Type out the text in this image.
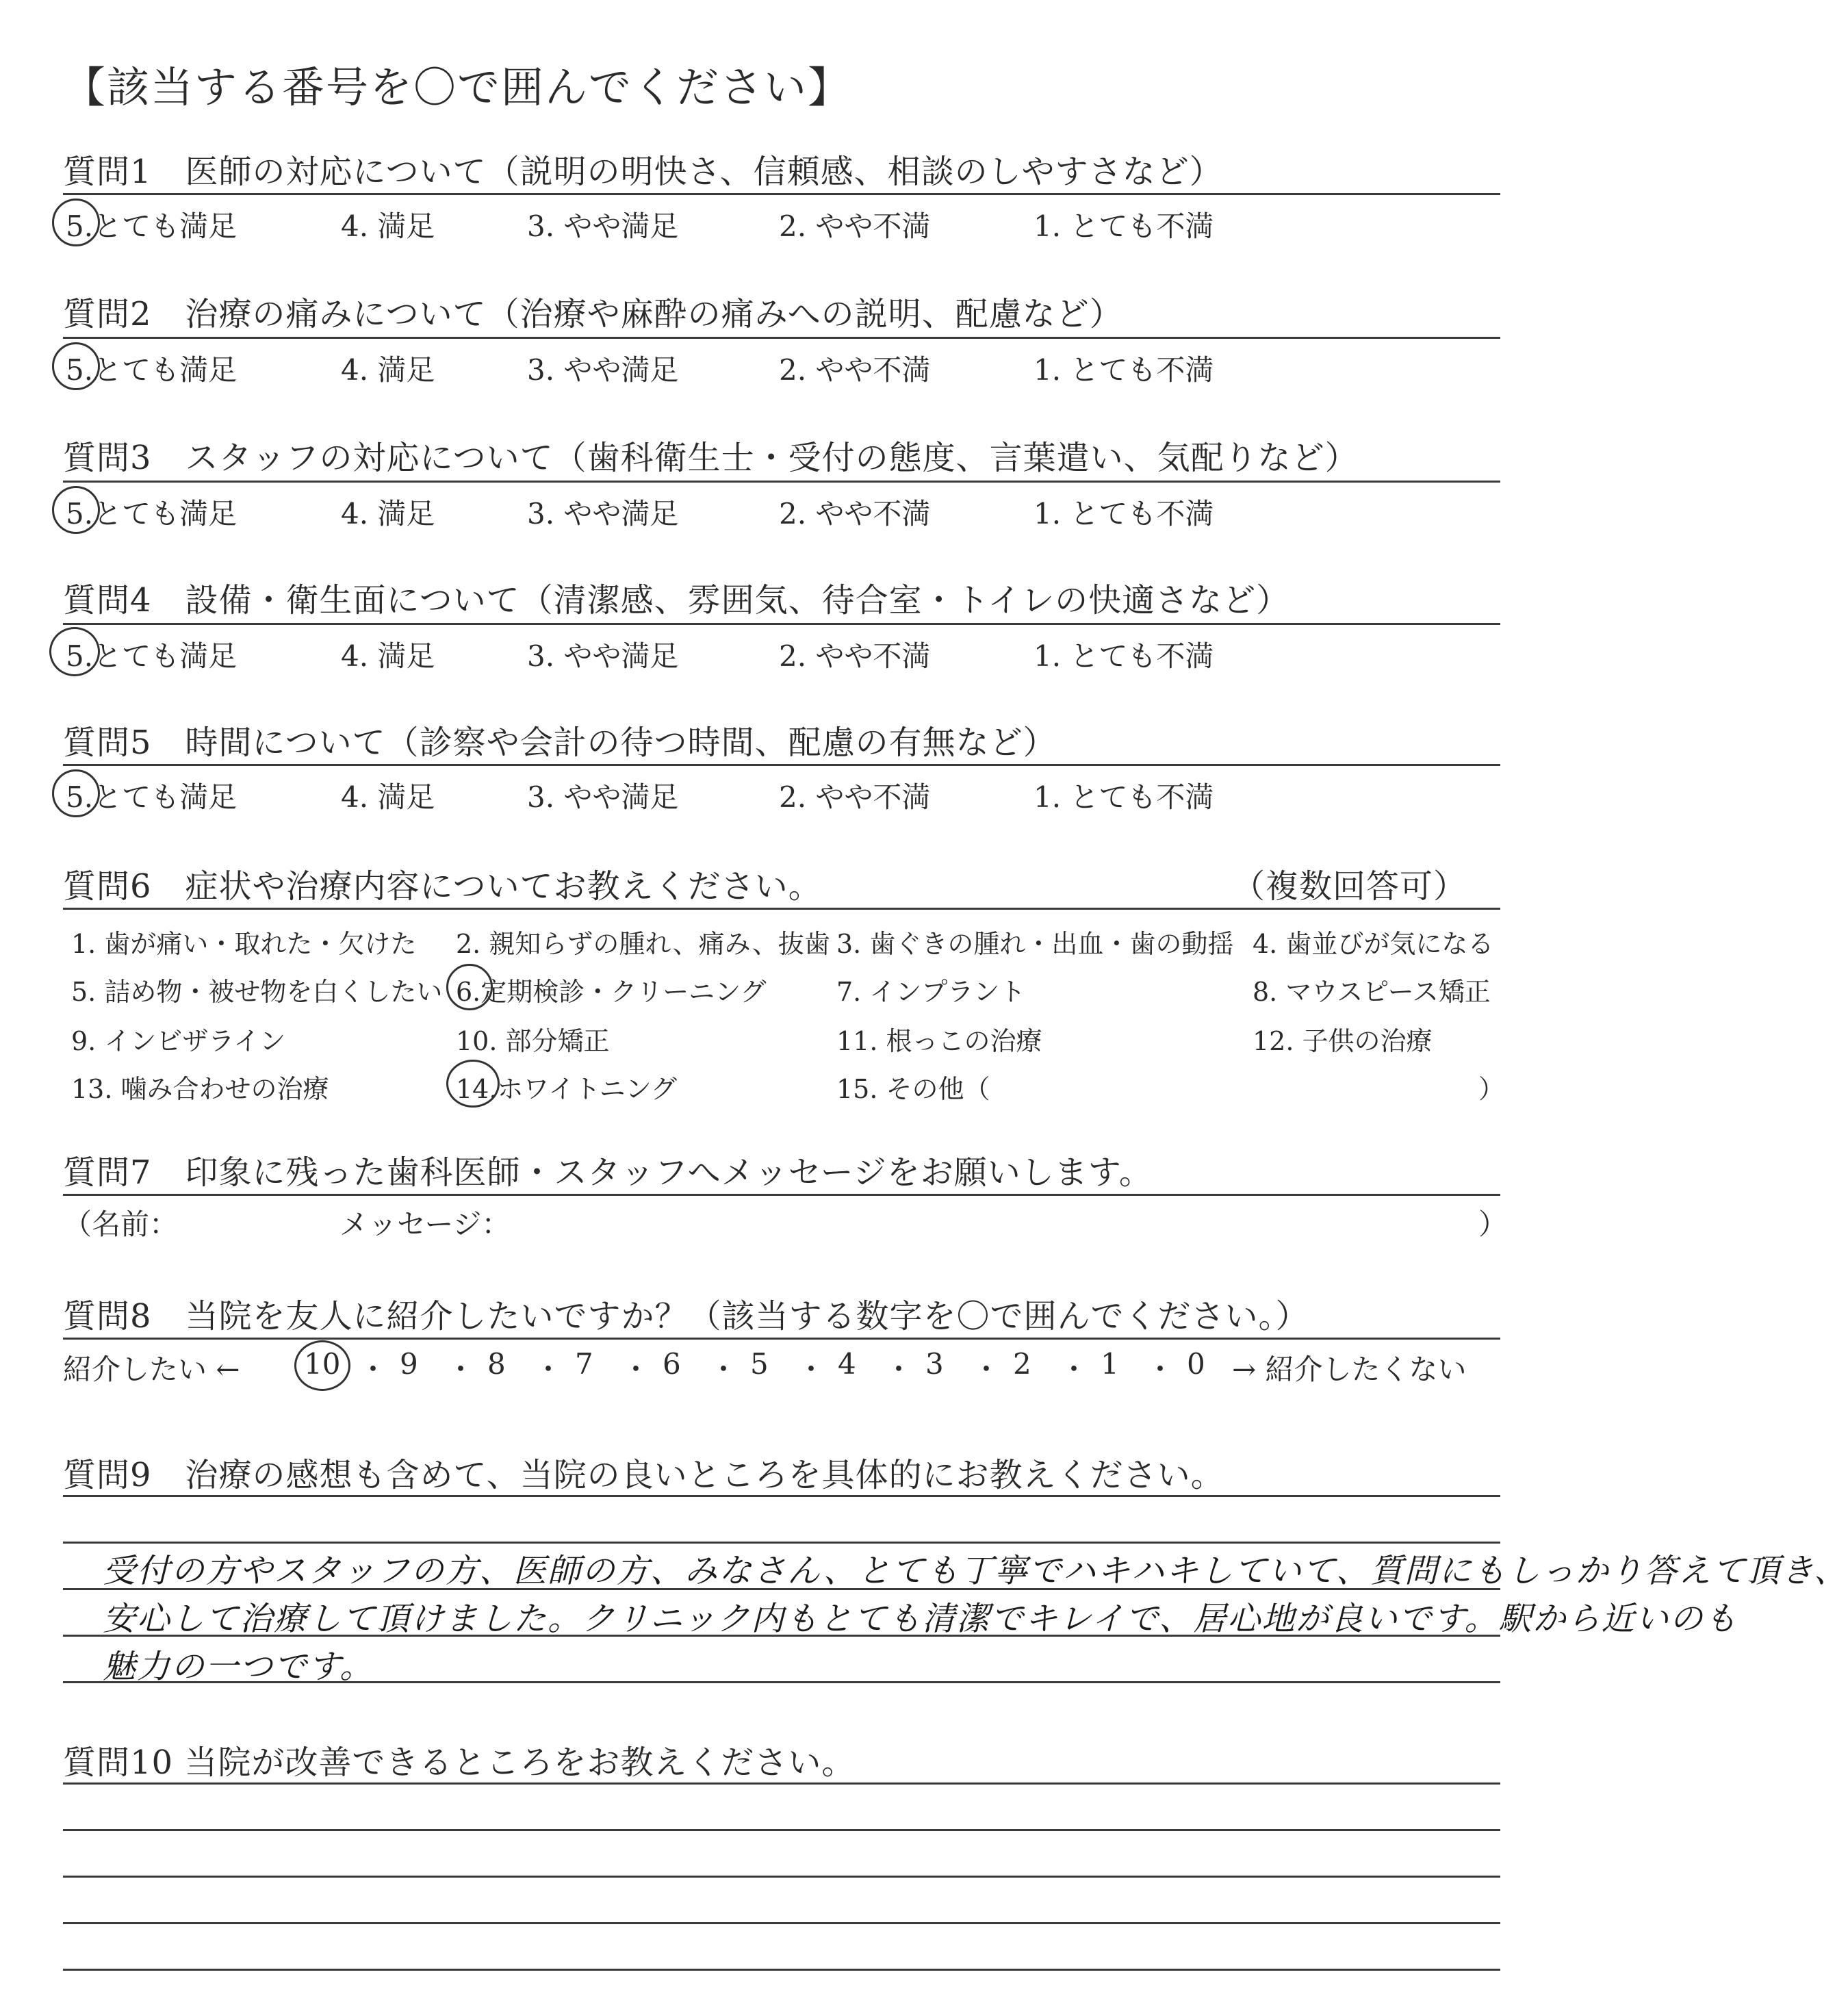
【該当する番号を〇で囲んでください】
質問1　医師の対応について（説明の明快さ、信頼感、相談のしやすさなど）
5.とても満足	4. 満足	3. やや満足	2. やや不満	1. とても不満
質問2　治療の痛みについて（治療や麻酔の痛みへの説明、配慮など）
5.とても満足	4. 満足	3. やや満足	2. やや不満	1. とても不満
質問3　スタッフの対応について（歯科衛生士・受付の態度、言葉遣い、気配りなど）
5.とても満足	4. 満足	3. やや満足	2. やや不満	1. とても不満
質問4　設備・衛生面について（清潔感、雰囲気、待合室・トイレの快適さなど）
5.とても満足	4. 満足	3. やや満足	2. やや不満	1. とても不満
質問5　時間について（診察や会計の待つ時間、配慮の有無など）
5.とても満足	4. 満足	3. やや満足	2. やや不満	1. とても不満
質問6　症状や治療内容についてお教えください。	（複数回答可）
1. 歯が痛い・取れた・欠けた 2. 親知らずの腫れ、痛み、抜歯 3. 歯ぐきの腫れ・出血・歯の動揺 4. 歯並びが気になる
5. 詰め物・被せ物を白くしたい 6.定期検診・クリーニング	7. インプラント	8. マウスピース矯正
9. インビザライン	10. 部分矯正	11. 根っこの治療	12. 子供の治療
13. 噛み合わせの治療	14.ホワイトニング	15. その他（	）
質問7　印象に残った歯科医師・スタッフへメッセージをお願いします。
（名前：	メッセージ：	）
質問8　当院を友人に紹介したいですか？（該当する数字を〇で囲んでください。）
紹介したい ←	→ 紹介したくない
10 9 8 7 6 5 4 3 2 1 0
・ ・ ・ ・ ・ ・ ・ ・ ・ ・
質問9　治療の感想も含めて、当院の良いところを具体的にお教えください。
受付の方やスタッフの方、医師の方、みなさん、とても丁寧でハキハキしていて、質問にもしっかり答えて頂き、
安心して治療して頂けました。クリニック内もとても清潔でキレイで、居心地が良いです。駅から近いのも
魅力の一つです。
質問10 当院が改善できるところをお教えください。
